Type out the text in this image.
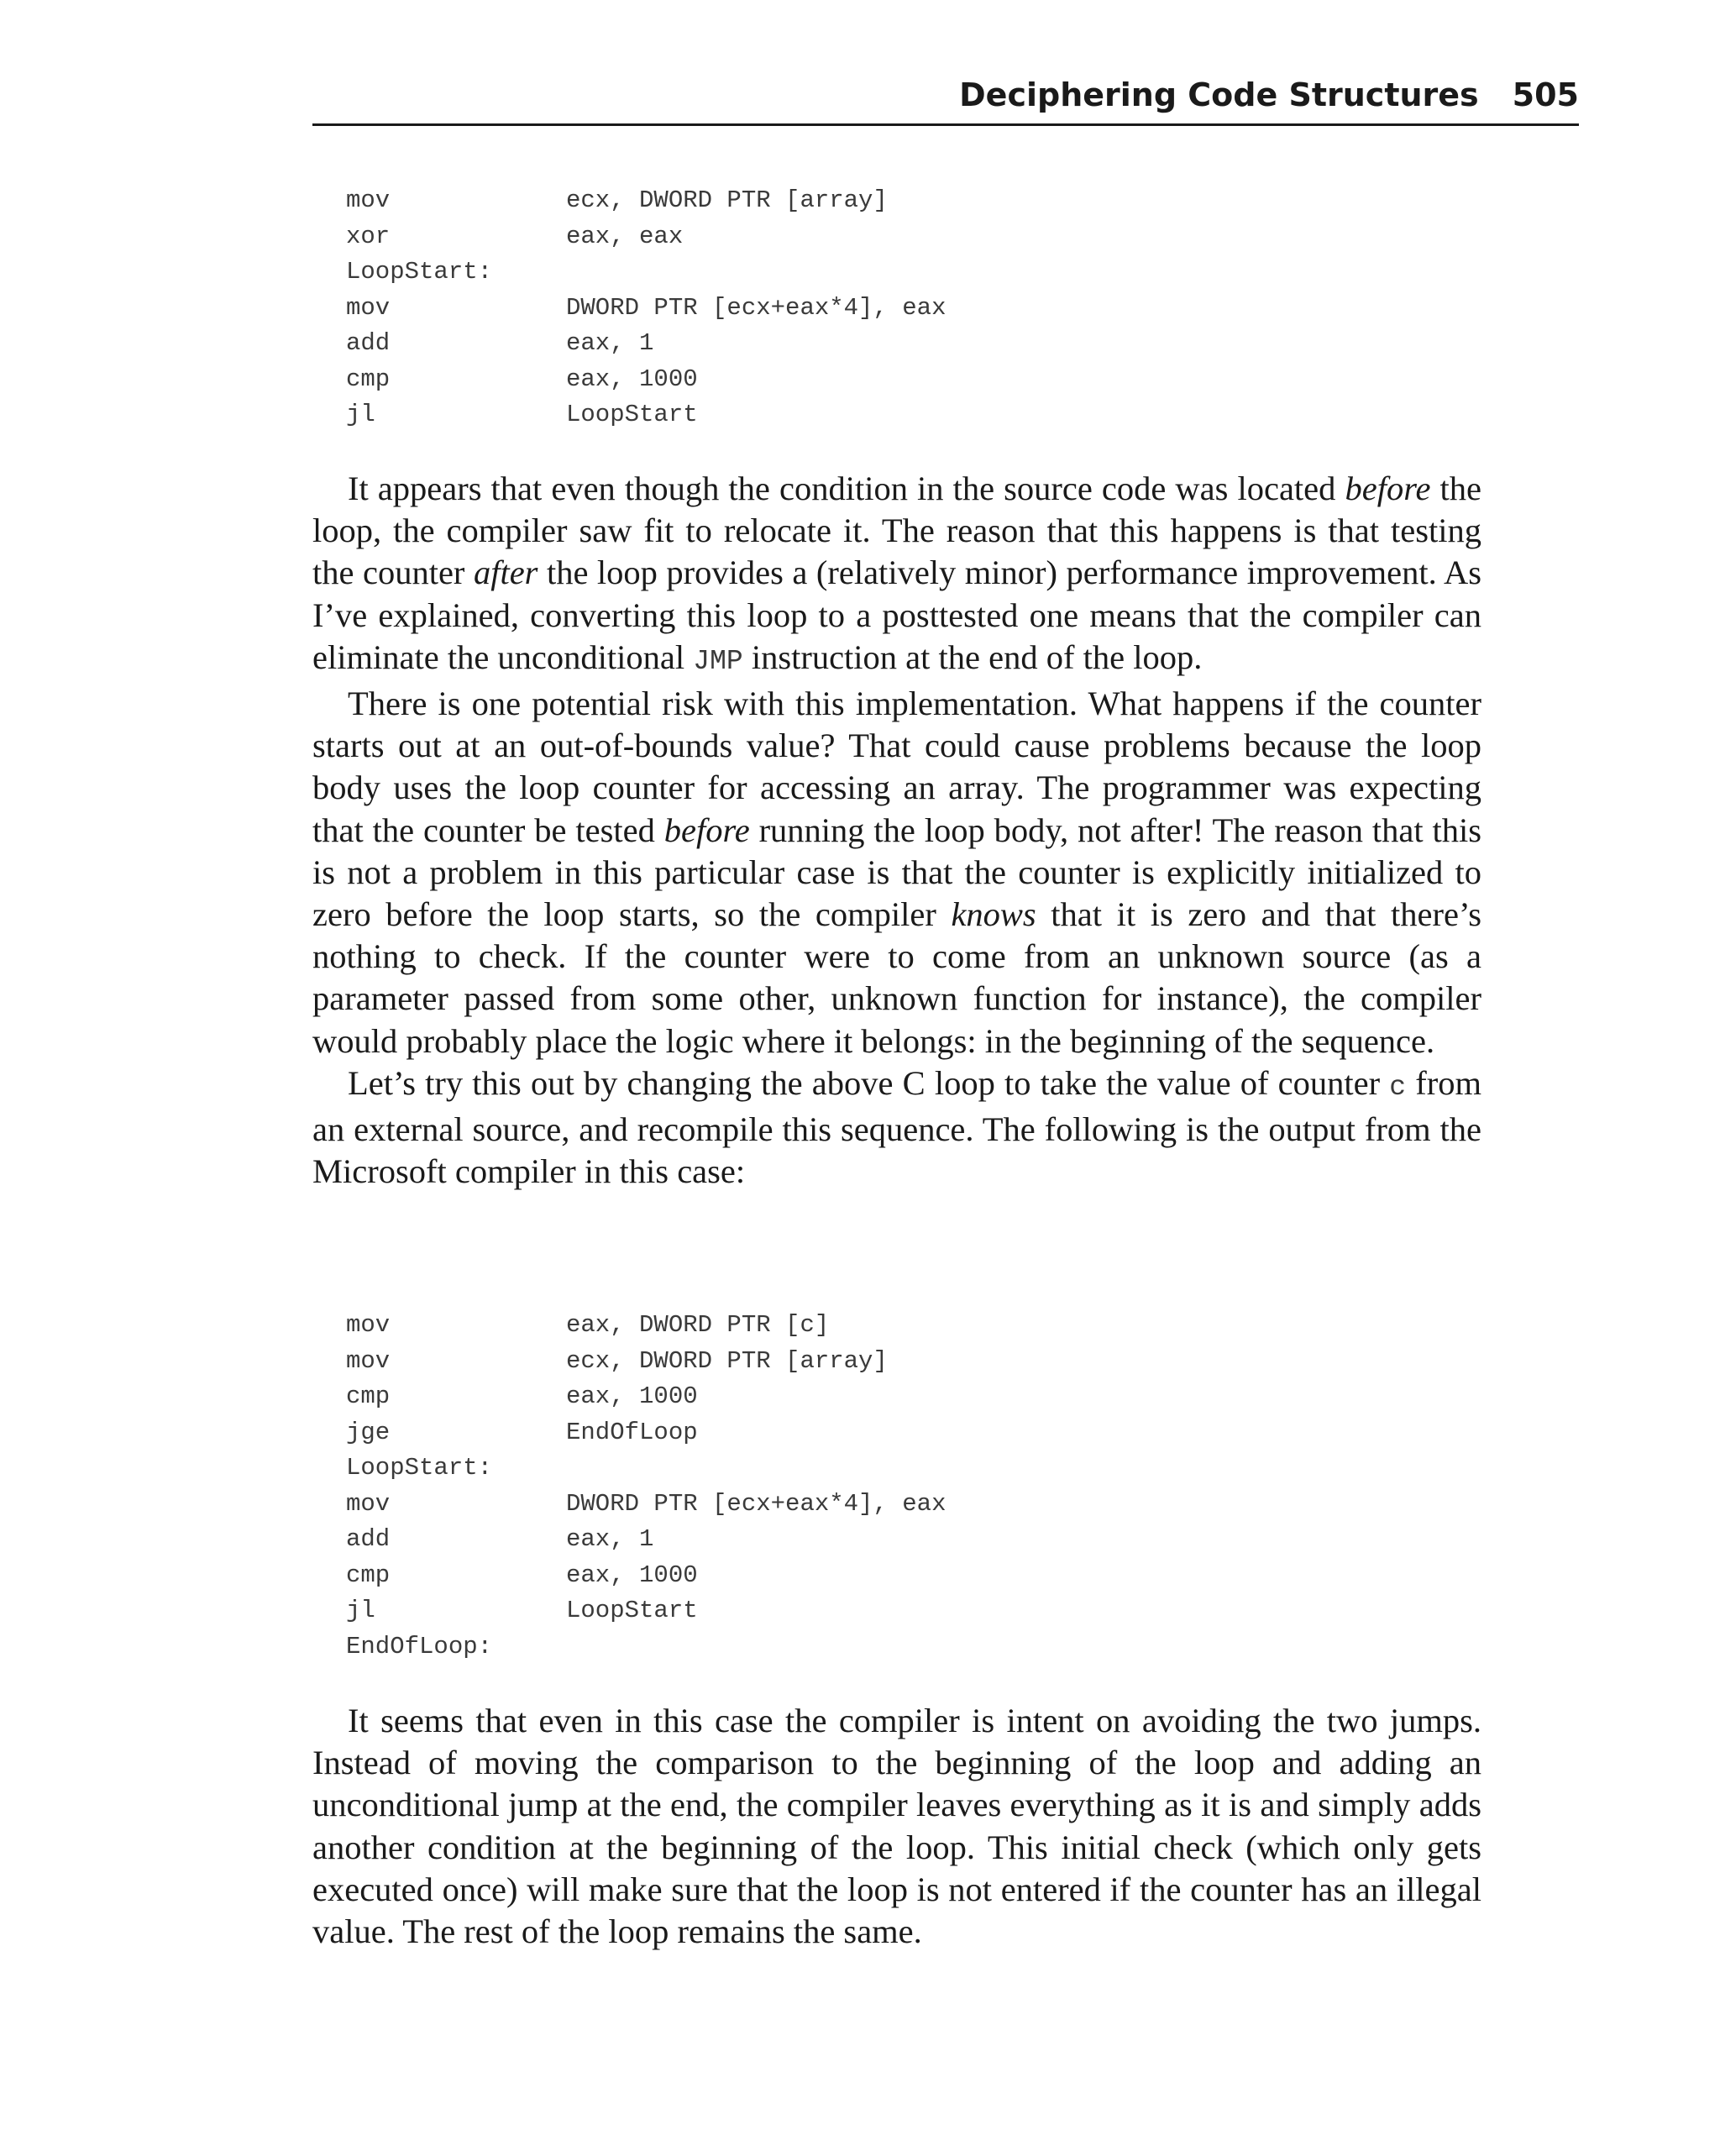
Deciphering Code Structures 505
mov	ecx, DWORD PTR [array]
xor	eax, eax
LoopStart:
mov	DWORD PTR [ecx+eax*4], eax
add	eax, 1
cmp	eax, 1000
jl	LoopStart

It appears that even though the condition in the source code was located before the loop, the compiler saw fit to relocate it. The reason that this happens is that testing the counter after the loop provides a (relatively minor) performance improvement. As I’ve explained, converting this loop to a posttested one means that the compiler can eliminate the unconditional JMP instruction at the end of the loop.

There is one potential risk with this implementation. What happens if the counter starts out at an out-of-bounds value? That could cause problems because the loop body uses the loop counter for accessing an array. The programmer was expecting that the counter be tested before running the loop body, not after! The reason that this is not a problem in this particular case is that the counter is explicitly initialized to zero before the loop starts, so the compiler knows that it is zero and that there’s nothing to check. If the counter were to come from an unknown source (as a parameter passed from some other, unknown function for instance), the compiler would probably place the logic where it belongs: in the beginning of the sequence.

Let’s try this out by changing the above C loop to take the value of counter c from an external source, and recompile this sequence. The following is the output from the Microsoft compiler in this case:

mov	eax, DWORD PTR [c]
mov	ecx, DWORD PTR [array]
cmp	eax, 1000
jge	EndOfLoop
LoopStart:
mov	DWORD PTR [ecx+eax*4], eax
add	eax, 1
cmp	eax, 1000
jl	LoopStart
EndOfLoop:

It seems that even in this case the compiler is intent on avoiding the two jumps. Instead of moving the comparison to the beginning of the loop and adding an unconditional jump at the end, the compiler leaves everything as it is and simply adds another condition at the beginning of the loop. This initial check (which only gets executed once) will make sure that the loop is not entered if the counter has an illegal value. The rest of the loop remains the same.
